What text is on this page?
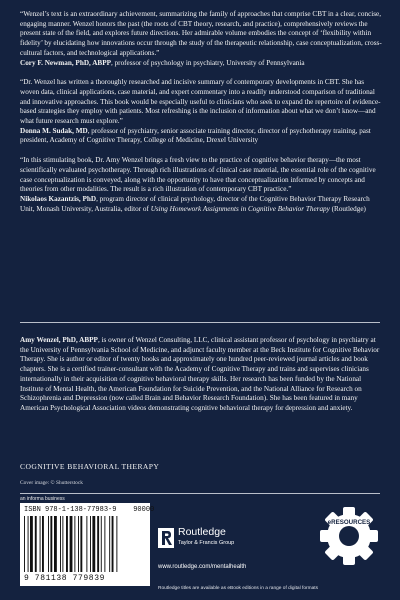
“Wenzel’s text is an extraordinary achievement, summarizing the family of approaches that comprise CBT in a clear, concise, engaging manner. Wenzel honors the past (the roots of CBT theory, research, and practice), comprehensively reviews the present state of the field, and explores future directions. Her admirable volume embodies the concept of ‘flexibility within fidelity’ by elucidating how innovations occur through the study of the therapeutic relationship, case conceptualization, cross-cultural factors, and technological applications.”

Cory F. Newman, PhD, ABPP, professor of psychology in psychiatry, University of Pennsylvania

“Dr. Wenzel has written a thoroughly researched and incisive summary of contemporary developments in CBT. She has woven data, clinical applications, case material, and expert commentary into a readily understood comparison of traditional and innovative approaches. This book would be especially useful to clinicians who seek to expand the repertoire of evidence-based strategies they employ with patients. Most refreshing is the inclusion of information about what we don’t know—and what future research must explore.”

Donna M. Sudak, MD, professor of psychiatry, senior associate training director, director of psychotherapy training, past president, Academy of Cognitive Therapy, College of Medicine, Drexel University

“In this stimulating book, Dr. Amy Wenzel brings a fresh view to the practice of cognitive behavior therapy—the most scientifically evaluated psychotherapy. Through rich illustrations of clinical case material, the essential role of the cognitive case conceptualization is conveyed, along with the opportunity to have that conceptualization informed by concepts and theories from other modalities. The result is a rich illustration of contemporary CBT practice.”

Nikolaos Kazantzis, PhD, program director of clinical psychology, director of the Cognitive Behavior Therapy Research Unit, Monash University, Australia, editor of Using Homework Assignments in Cognitive Behavior Therapy (Routledge)

Amy Wenzel, PhD, ABPP, is owner of Wenzel Consulting, LLC, clinical assistant professor of psychology in psychiatry at the University of Pennsylvania School of Medicine, and adjunct faculty member at the Beck Institute for Cognitive Behavior Therapy. She is author or editor of twenty books and approximately one hundred peer-reviewed journal articles and book chapters. She is a certified trainer-consultant with the Academy of Cognitive Therapy and trains and supervises clinicians internationally in their acquisition of cognitive behavioral therapy skills. Her research has been funded by the National Institute of Mental Health, the American Foundation for Suicide Prevention, and the National Alliance for Research on Schizophrenia and Depression (now called Brain and Behavior Research Foundation). She has been featured in many American Psychological Association videos demonstrating cognitive behavioral therapy for depression and anxiety.

COGNITIVE BEHAVIORAL THERAPY

Cover image: © Shutterstock

an informa business
ISBN 978-1-138-77983-9 90000
9 781138 779839
Routledge
Taylor & Francis Group
www.routledge.com/mentalhealth
eRESOURCES
Routledge titles are available as eBook editions in a range of digital formats
